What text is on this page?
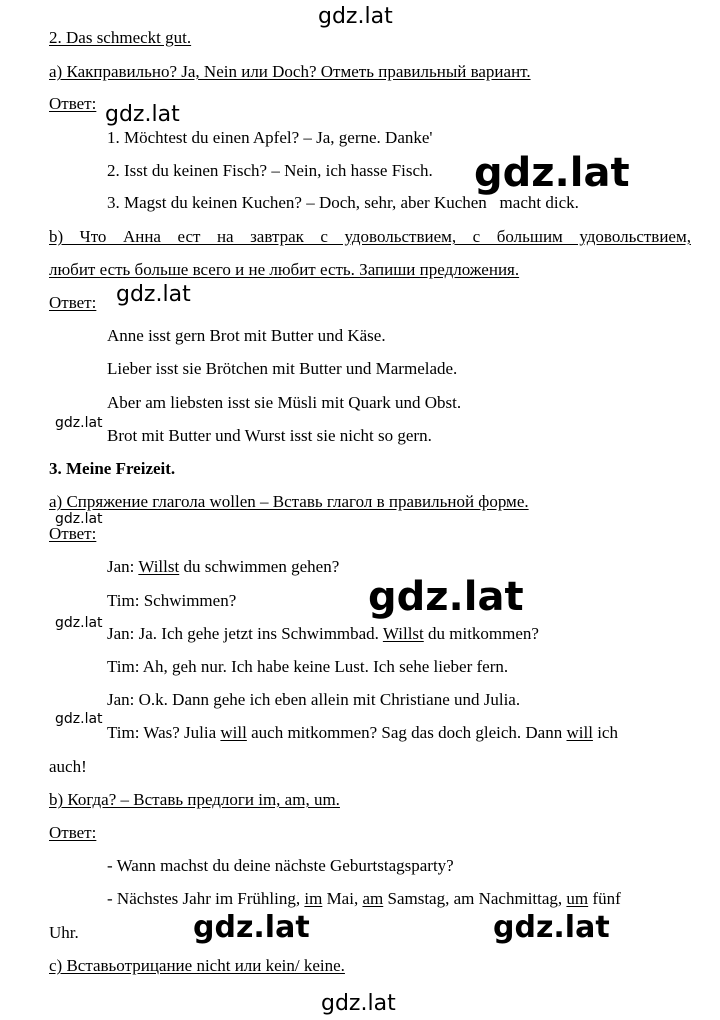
gdz.lat
gdz.lat
gdz.lat
gdz.lat
gdz.lat
gdz.lat
gdz.lat
gdz.lat
gdz.lat
gdz.lat	gdz.lat
gdz.lat
2. Das schmeckt gut.
а) Какправильно? Ja, Nein или Doch? Отметь правильный вариант.
Ответ:
1. Möchtest du einen Apfel? – Ja, gerne. Danke'
2. Isst du keinen Fisch? – Nein, ich hasse Fisch.
3. Magst du keinen Kuchen? – Doch, sehr, aber Kuchen   macht dick.
b) Что Анна ест на завтрак с удовольствием, с большим удовольствием,
любит есть больше всего и не любит есть. Запиши предложения.
Ответ:
Anne isst gern Brot mit Butter und Käse.
Lieber isst sie Brötchen mit Butter und Marmelade.
Aber am liebsten isst sie Müsli mit Quark und Obst.
Brot mit Butter und Wurst isst sie nicht so gern.
3. Meine Freizeit.
а) Спряжение глагола wollen – Вставь глагол в правильной форме.
Ответ:
Jan: Willst du schwimmen gehen?
Tim: Schwimmen?
Jan: Ja. Ich gehe jetzt ins Schwimmbad. Willst du mitkommen?
Tim: Ah, geh nur. Ich habe keine Lust. Ich sehe lieber fern.
Jan: O.k. Dann gehe ich eben allein mit Christiane und Julia.
Tim: Was? Julia will auch mitkommen? Sag das doch gleich. Dann will ich
auch!
b) Когда? – Вставь предлоги im, am, um.
Ответ:
- Wann machst du deine nächste Geburtstagsparty?
- Nächstes Jahr im Frühling, im Mai, am Samstag, am Nachmittag, um fünf
Uhr.
c) Вставьотрицание nicht или kein/ keine.
